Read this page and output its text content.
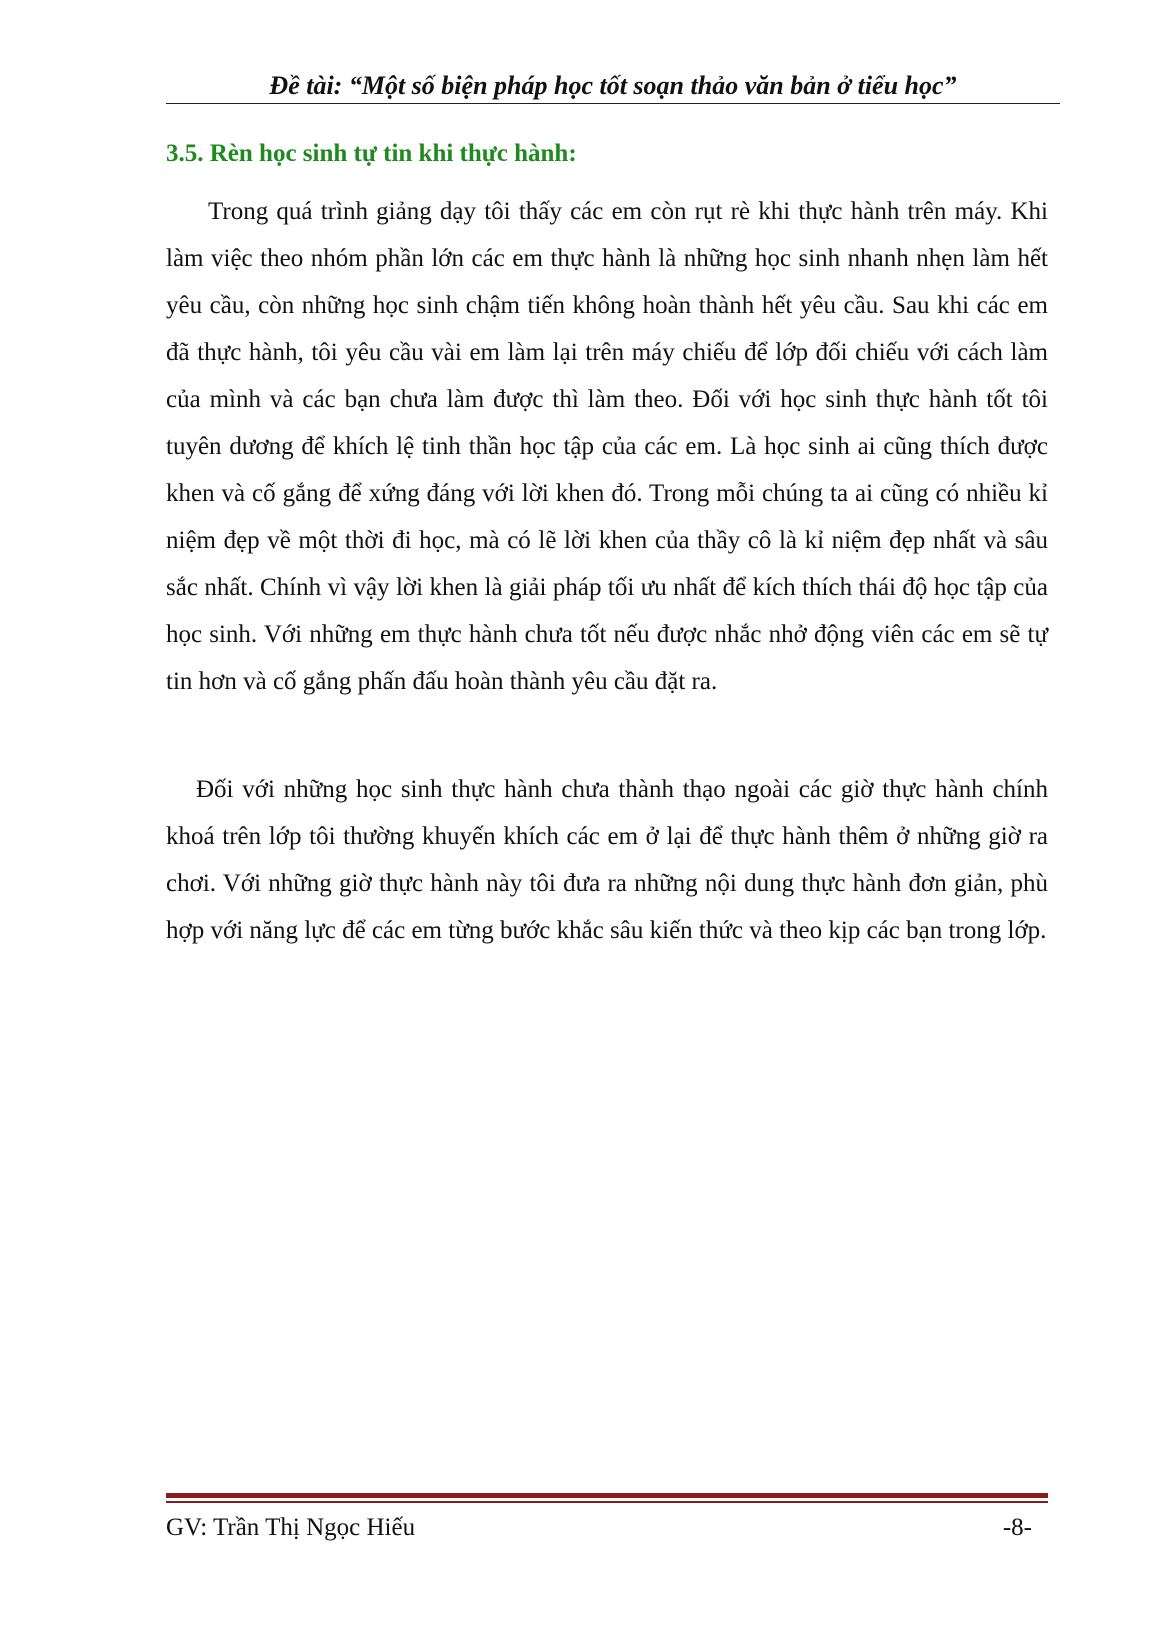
Đề tài: “Một số biện pháp học tốt soạn thảo văn bản ở tiểu học”
3.5. Rèn học sinh tự tin khi thực hành:

Trong quá trình giảng dạy tôi thấy các em còn rụt rè khi thực hành trên máy. Khi làm việc theo nhóm phần lớn các em thực hành là những học sinh nhanh nhẹn làm hết yêu cầu, còn những học sinh chậm tiến không hoàn thành hết yêu cầu. Sau khi các em đã thực hành, tôi yêu cầu vài em làm lại trên máy chiếu để lớp đối chiếu với cách làm của mình và các bạn chưa làm được thì làm theo. Đối với học sinh thực hành tốt tôi tuyên dương để khích lệ tinh thần học tập của các em. Là học sinh ai cũng thích được khen và cố gắng để xứng đáng với lời khen đó. Trong mỗi chúng ta ai cũng có nhiều kỉ niệm đẹp về một thời đi học, mà có lẽ lời khen của thầy cô là kỉ niệm đẹp nhất và sâu sắc nhất. Chính vì vậy lời khen là giải pháp tối ưu nhất để kích thích thái độ học tập của học sinh. Với những em thực hành chưa tốt nếu được nhắc nhở động viên các em sẽ tự tin hơn và cố gắng phấn đấu hoàn thành yêu cầu đặt ra.

Đối với những học sinh thực hành chưa thành thạo ngoài các giờ thực hành chính khoá trên lớp tôi thường khuyến khích các em ở lại để thực hành thêm ở những giờ ra chơi. Với những giờ thực hành này tôi đưa ra những nội dung thực hành đơn giản, phù hợp với năng lực để các em từng bước khắc sâu kiến thức và theo kịp các bạn trong lớp.

GV: Trần Thị Ngọc Hiếu	-8-
